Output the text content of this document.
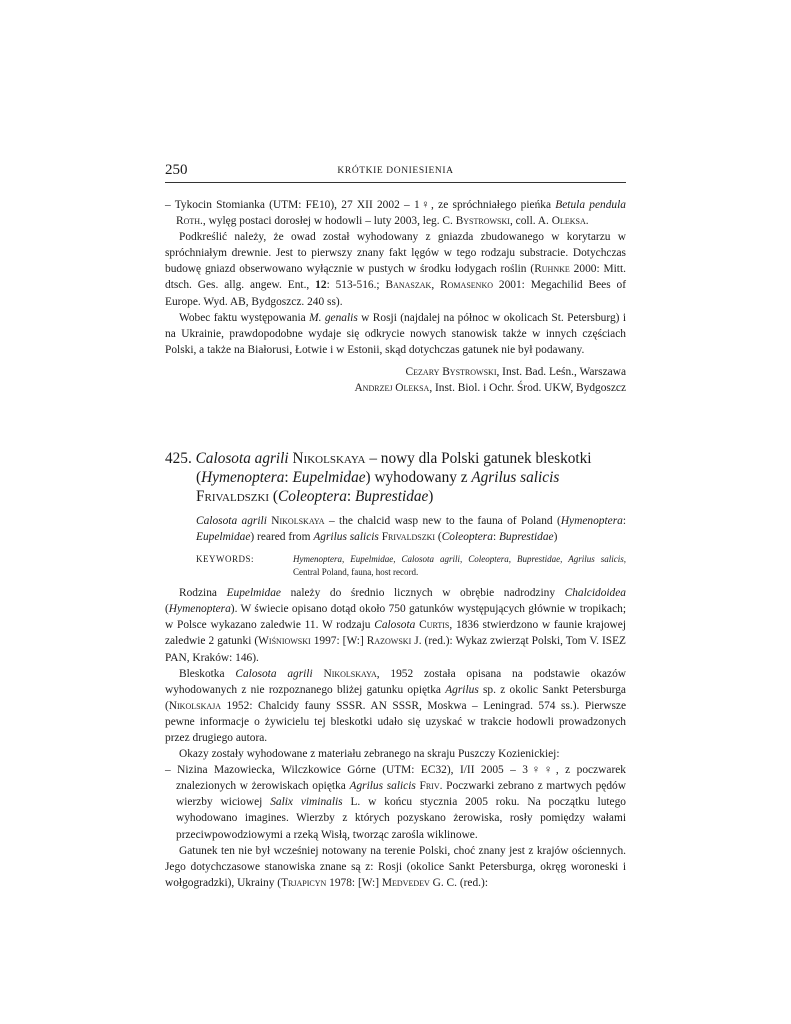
250	KRÓTKIE DONIESIENIA

– Tykocin Stomianka (UTM: FE10), 27 XII 2002 – 1♀, ze spróchniałego pieńka Betula pendula Roth., wylęg postaci dorosłej w hodowli – luty 2003, leg. C. Bystrowski, coll. A. Oleksa.

Podkreślić należy, że owad został wyhodowany z gniazda zbudowanego w korytarzu w spróchniałym drewnie. Jest to pierwszy znany fakt lęgów w tego rodzaju substracie. Dotychczas budowę gniazd obserwowano wyłącznie w pustych w środku łodygach roślin (Ruhnke 2000: Mitt. dtsch. Ges. allg. angew. Ent., 12: 513-516.; Banaszak, Romasenko 2001: Megachilid Bees of Europe. Wyd. AB, Bydgoszcz. 240 ss).

Wobec faktu występowania M. genalis w Rosji (najdalej na północ w okolicach St. Petersburg) i na Ukrainie, prawdopodobne wydaje się odkrycie nowych stanowisk także w innych częściach Polski, a także na Białorusi, Łotwie i w Estonii, skąd dotychczas gatunek nie był podawany.

Cezary Bystrowski, Inst. Bad. Leśn., Warszawa

Andrzej Oleksa, Inst. Biol. i Ochr. Środ. UKW, Bydgoszcz

425. Calosota agrili Nikolskaya – nowy dla Polski gatunek bleskotki (Hymenoptera: Eupelmidae) wyhodowany z Agrilus salicis Frivaldszki (Coleoptera: Buprestidae)

Calosota agrili Nikolskaya – the chalcid wasp new to the fauna of Poland (Hymenoptera: Eupelmidae) reared from Agrilus salicis Frivaldszki (Coleoptera: Buprestidae)

KEYWORDS:	Hymenoptera, Eupelmidae, Calosota agrili, Coleoptera, Buprestidae, Agrilus salicis, Central Poland, fauna, host record.

Rodzina Eupelmidae należy do średnio licznych w obrębie nadrodziny Chalcidoidea (Hymenoptera). W świecie opisano dotąd około 750 gatunków występujących głównie w tropikach; w Polsce wykazano zaledwie 11. W rodzaju Calosota Curtis, 1836 stwierdzono w faunie krajowej zaledwie 2 gatunki (Wiśniowski 1997: [W:] Razowski J. (red.): Wykaz zwierząt Polski, Tom V. ISEZ PAN, Kraków: 146).

Bleskotka Calosota agrili Nikolskaya, 1952 została opisana na podstawie okazów wyhodowanych z nie rozpoznanego bliżej gatunku opiętka Agrilus sp. z okolic Sankt Petersburga (Nikolskaja 1952: Chalcidy fauny SSSR. AN SSSR, Moskwa – Leningrad. 574 ss.). Pierwsze pewne informacje o żywicielu tej bleskotki udało się uzyskać w trakcie hodowli prowadzonych przez drugiego autora.

Okazy zostały wyhodowane z materiału zebranego na skraju Puszczy Kozienickiej:

– Nizina Mazowiecka, Wilczkowice Górne (UTM: EC32), I/II 2005 – 3♀♀, z poczwarek znalezionych w żerowiskach opiętka Agrilus salicis Friv. Poczwarki zebrano z martwych pędów wierzby wiciowej Salix viminalis L. w końcu stycznia 2005 roku. Na początku lutego wyhodowano imagines. Wierzby z których pozyskano żerowiska, rosły pomiędzy wałami przeciwpowodziowymi a rzeką Wisłą, tworząc zarośla wiklinowe.

Gatunek ten nie był wcześniej notowany na terenie Polski, choć znany jest z krajów ościennych. Jego dotychczasowe stanowiska znane są z: Rosji (okolice Sankt Petersburga, okręg woroneski i wołgogradzki), Ukrainy (Trjapicyn 1978: [W:] Medvedev G. C. (red.):
